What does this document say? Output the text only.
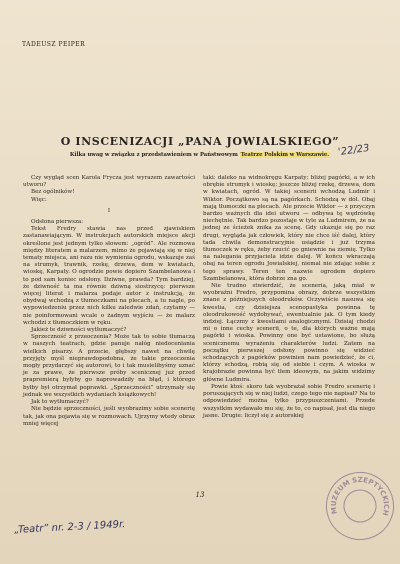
TADEUSZ PEIPER
O INSCENIZACJI „PANA JOWIALSKIEGO”
Kilka uwag w związku z przedstawieniem w Państwowym Teatrze Polskim w Warszawie. '22/23

Czy wygląd scen Karola Frycza jest wyrazem zawartości utworu?

Bez ogólników!

Więc:

I

Odsłona pierwsza:

Tekst Fredry stawia nas przed zjawiskiem zastanawiającym. W instrukcjach autorskich miejsce akcji określone jest jednym tylko słowem: „ogród”. Ale rozmowa między literatem a malarzem, mimo że pojawiają się w niej tematy miejsca, ani razu nie wymienia ogrodu, wskazuje zaś na strumyk, trawnik, rzekę, drzewa, dom w kwiatach, wioskę, Karpaty. O ogrodzie powie dopiero Szambelanowa i to pod sam koniec odsłony. Dziwne, prawda? Tym bardziej, że dziwność ta ma równie dziwną siostrzycę: pierwsze więcej literat i malarza podaje autor z instrukcją, że obydwaj wchodzą z tłumoczkami na plecach, a tu nagle, po wypowiedzeniu przez nich kilku zaledwie zdań, czytamy — nie poinformowani wcale o żadnym wyjściu — że malarz wchodzi z tłumoczkiem w ręku.

Jakież te dziwności wytłumaczyć?

Sprzeczność z przeoczenia? Może tak to sobie tłumaczą w naszych teatrach, gdzie panuje nałóg niedoceniania wielkich pisarzy. A przecie, głębszy nawet na chwilę przyjęty myśl nieprawdopodobna, że takie przeoczenia mogły przydarzyć się autorowi, to i tak musielibyśmy uznać je za prawe, że pierwsze próby scenicznej już przed prapremierą byłyby go naprowadziły na błąd, i którego byłby był otrzymał poprawki. „Sprzeczności” utrzymały się jednak we wszystkich wydaniach książkowych!

Jak to wytłumaczyć?

Nie będzie sprzeczności, jeśli wyobrazimy sobie scenerię tak, jak ona pojawia się w rozmowach. Ujrzymy wtedy obraz mniej więcej

taki: daleko na widnokręgu Karpaty; bliżej pagórki, a w ich obrębie strumyk i wioskę; jeszcze bliżej rzekę, drzewa, dom w kwiatach, ogród. W takiej scenerii wchodzą Ludmir i Wiktor. Początkowo są na pagórkach. Schodzą w dół. Obaj mają tłumoczki na plecach. Ale przecie Wiktor — z przyczyn bardzo ważnych dla idei utworu — odbywa tę wędrówkę niechętnie. Tak bardzo pozostaje w tyle za Ludmirem, że na jednej ze ścieżek znika za scenę. Gdy ukazuje się po raz drugi, wygląda jak człowiek, który nie chce iść dalej, który tada chwila demonstracyjnie usiądzie i już trzyma tłumoczek w ręku, żeby rzucić go gniewnie na ziemię. Tylko na nalegania przyjaciela idzie dalej. W końcu wkraczają obaj na teren ogrodu Jowialskiej, niemal nie zdając sobie z tego sprawy. Teren ten nazwie ogrodem dopiero Szambelanowa, która dobrze zna go.

Nie trudno stwierdzić, że sceneria, jaką miał w wyobraźni Fredro, przypomina obrazy, dobrze wszystkim znane z późniejszych oleodruków. Oczywiście nasuwa się kwestia, czy dzisiejsza scenopastyka powinna tę oleodrukowość wydobywać, ewentualnie jak. O tym kiedy indziej. Łączmy z kwestiami analogicznymi. Dzisiaj chodzi mi o inne cechy scenerii, o te, dla których ważne mają pagórki i wioska. Powinny one być ustawione, bo służą scenicznemu wyrażeniu charakterów ludzi. Zatem na początku pierwszej odsłony powinno się widzieć schodzących z pagórków powinien nam powiedzieć, że ci, którzy schodzą, robią się od siebie i czym. A wioska w krajobrazie powinna być tłem ideowym, na jakim widzimy główne Ludmira.

Powie ktoś: skoro tak wyobrażał sobie Fredro scenerię i poruszających się w niej ludzi, czego tego nie napisał? Na to odpowiedzieć można tylko przypuszczeniami. Przede wszystkim wydawało mu się, że to, co napisał, jest dla niego jasne. Drugie: liczył się z autorskiej

13
„Teatr” nr. 2-3 / 1949r.
MUZEUM SZEPTYCKICH
